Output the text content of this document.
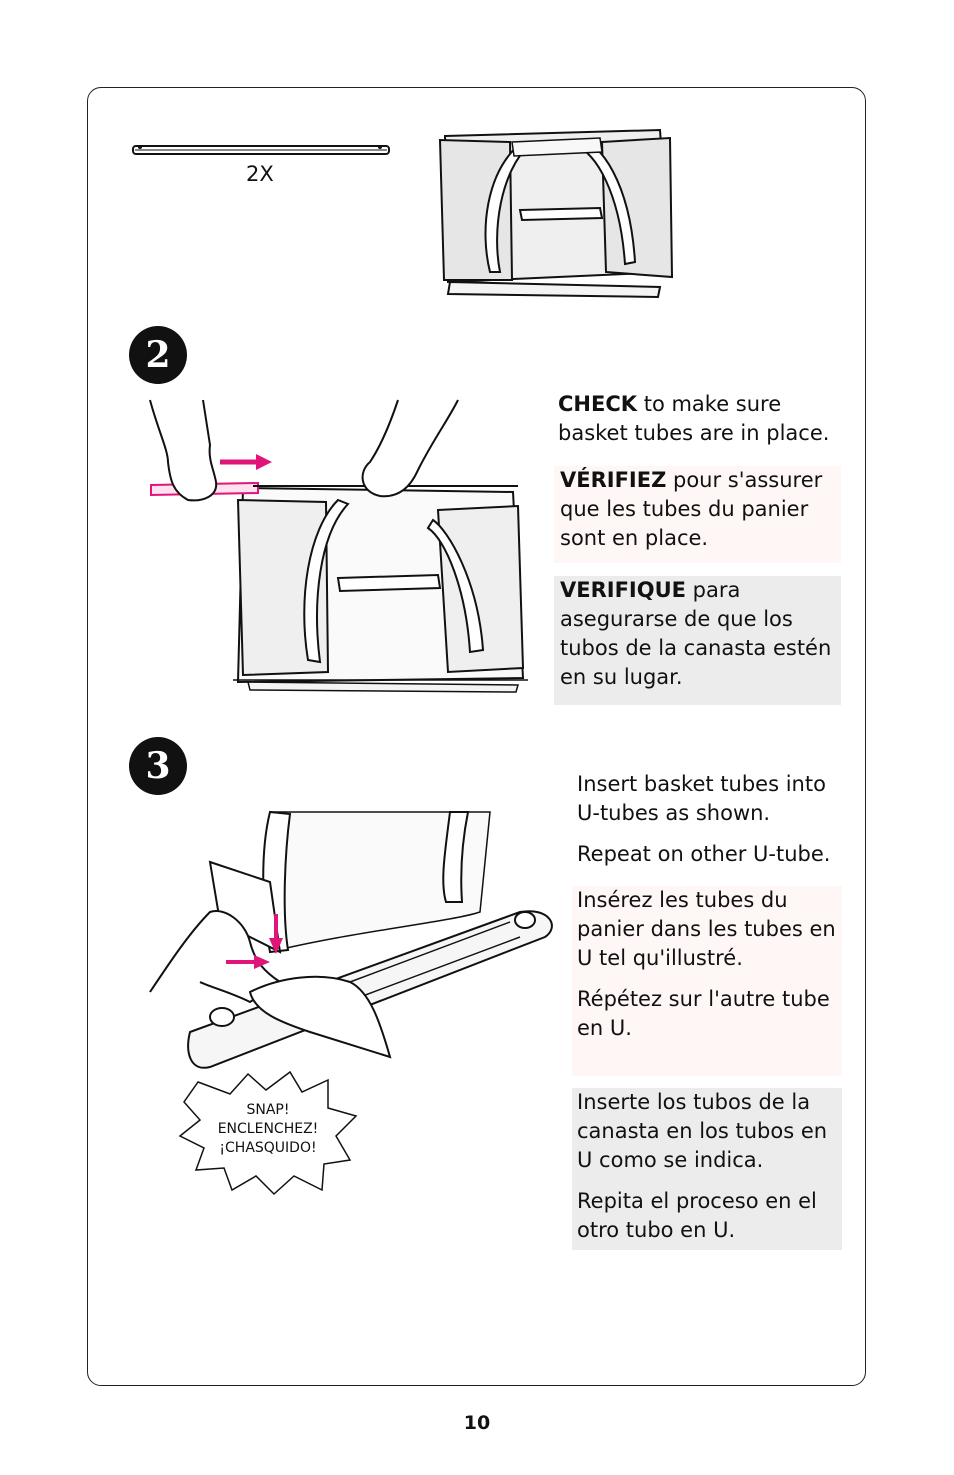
2X
2
CHECK to make sure basket tubes are in place.
VÉRIFIEZ pour s'assurer que les tubes du panier sont en place.
VERIFIQUE para asegurarse de que los tubos de la canasta estén en su lugar.
3	Insert basket tubes into U-tubes as shown.

Repeat on other U-tube.

Insérez les tubes du panier dans les tubes en U tel qu'illustré.

Répétez sur l'autre tube en U.

Inserte los tubos de la canasta en los tubos en U como se indica.

Repita el proceso en el otro tubo en U.

SNAP!
ENCLENCHEZ!
¡CHASQUIDO!
10
